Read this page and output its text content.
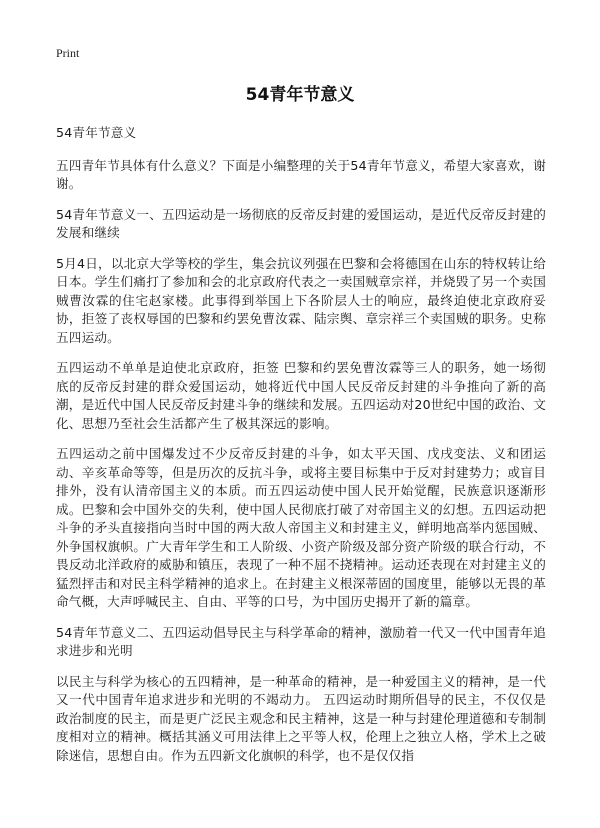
Print
54青年节意义

54青年节意义

五四青年节具体有什么意义？下面是小编整理的关于54青年节意义，希望大家喜欢，谢谢。

54青年节意义一、五四运动是一场彻底的反帝反封建的爱国运动，是近代反帝反封建的发展和继续

5月4日，以北京大学等校的学生，集会抗议列强在巴黎和会将德国在山东的特权转让给日本。学生们痛打了参加和会的北京政府代表之一卖国贼章宗祥，并烧毁了另一个卖国贼曹汝霖的住宅赵家楼。此事得到举国上下各阶层人士的响应，最终迫使北京政府妥协，拒签了丧权辱国的巴黎和约罢免曹汝霖、陆宗舆、章宗祥三个卖国贼的职务。史称五四运动。

五四运动不单单是迫使北京政府，拒签 巴黎和约罢免曹汝霖等三人的职务，她一场彻底的反帝反封建的群众爱国运动，她将近代中国人民反帝反封建的斗争推向了新的高潮，是近代中国人民反帝反封建斗争的继续和发展。五四运动对20世纪中国的政治、文化、思想乃至社会生活都产生了极其深远的影响。

五四运动之前中国爆发过不少反帝反封建的斗争，如太平天国、戊戌变法、义和团运动、辛亥革命等等，但是历次的反抗斗争，或将主要目标集中于反对封建势力；或盲目排外，没有认清帝国主义的本质。而五四运动使中国人民开始觉醒，民族意识逐渐形成。巴黎和会中国外交的失利，使中国人民彻底打破了对帝国主义的幻想。五四运动把斗争的矛头直接指向当时中国的两大敌人帝国主义和封建主义，鲜明地高举内惩国贼、外争国权旗帜。广大青年学生和工人阶级、小资产阶级及部分资产阶级的联合行动，不畏反动北洋政府的威胁和镇压，表现了一种不屈不挠精神。运动还表现在对封建主义的猛烈抨击和对民主科学精神的追求上。在封建主义根深蒂固的国度里，能够以无畏的革命气概，大声呼喊民主、自由、平等的口号，为中国历史揭开了新的篇章。

54青年节意义二、五四运动倡导民主与科学革命的精神，激励着一代又一代中国青年追求进步和光明

以民主与科学为核心的五四精神，是一种革命的精神，是一种爱国主义的精神，是一代又一代中国青年追求进步和光明的不竭动力。 五四运动时期所倡导的民主，不仅仅是政治制度的民主，而是更广泛民主观念和民主精神，这是一种与封建伦理道德和专制制度相对立的精神。概括其涵义可用法律上之平等人权，伦理上之独立人格，学术上之破除迷信，思想自由。作为五四新文化旗帜的科学，也不是仅仅指
